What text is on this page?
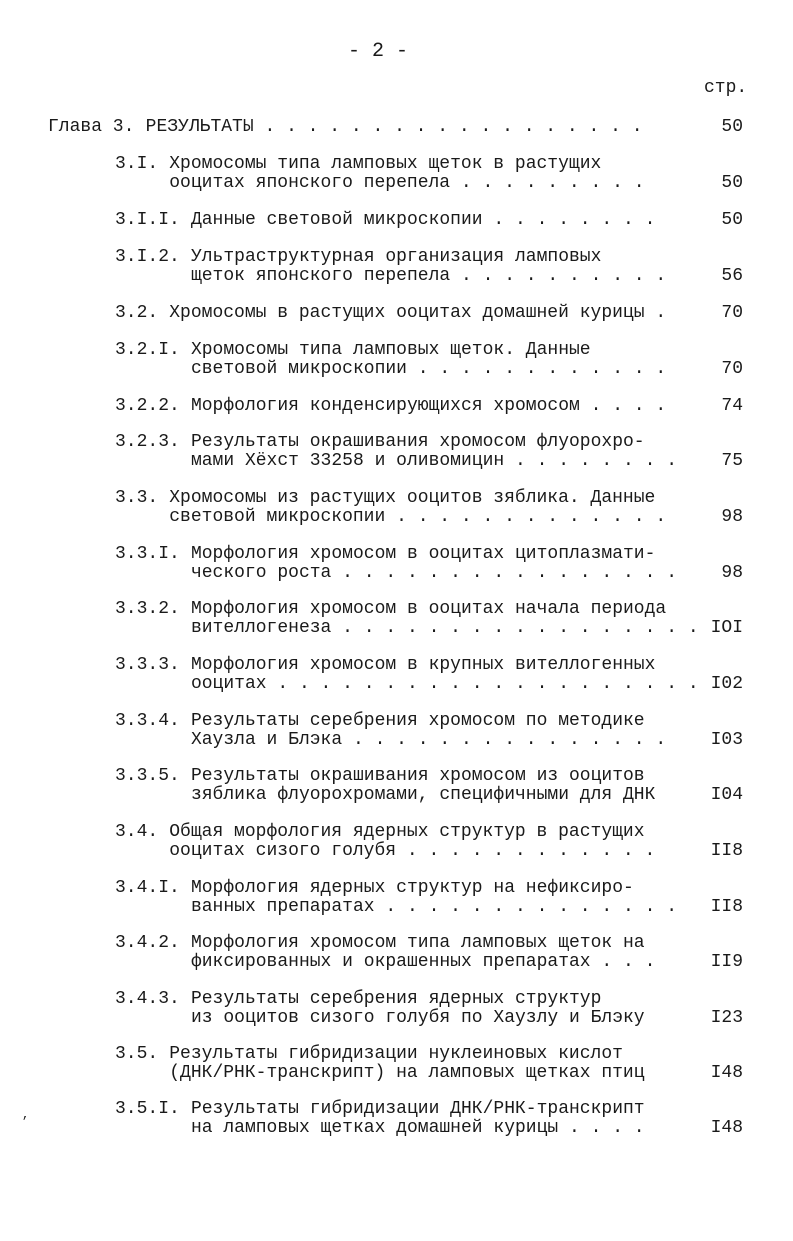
- 2 -
стр.
Глава 3. РЕЗУЛЬТАТЫ . . . . . . . . . . . . . . . . . .	50
3.I. Хромосомы типа ламповых щеток в растущих
ооцитах японского перепела . . . . . . . . .	50
3.I.I. Данные световой микроскопии . . . . . . . .	50
3.I.2. Ультраструктурная организация ламповых
щеток японского перепела . . . . . . . . . .	56
3.2. Хромосомы в растущих ооцитах домашней курицы .	70
3.2.I. Хромосомы типа ламповых щеток. Данные
световой микроскопии . . . . . . . . . . . .	70
3.2.2. Морфология конденсирующихся хромосом . . . .	74
3.2.3. Результаты окрашивания хромосом флуорохро-
мами Хёхст 33258 и оливомицин . . . . . . . . 75
3.3. Хромосомы из растущих ооцитов зяблика. Данные
световой микроскопии . . . . . . . . . . . . .	98
3.3.I. Морфология хромосом в ооцитах цитоплазмати-
ческого роста . . . . . . . . . . . . . . . . 98
3.3.2. Морфология хромосом в ооцитах начала периода
вителлогенеза . . . . . . . . . . . . . . . . . IOI
3.3.3. Морфология хромосом в крупных вителлогенных
ооцитах . . . . . . . . . . . . . . . . . . . . I02
3.3.4. Результаты серебрения хромосом по методике
Хаузла и Блэка . . . . . . . . . . . . . . . I03
3.3.5. Результаты окрашивания хромосом из ооцитов
зяблика флуорохромами, специфичными для ДНК	I04
3.4. Общая морфология ядерных структур в растущих
ооцитах сизого голубя . . . . . . . . . . . .	II8
3.4.I. Морфология ядерных структур на нефиксиро-
ванных препаратах . . . . . . . . . . . . . . II8
3.4.2. Морфология хромосом типа ламповых щеток на
фиксированных и окрашенных препаратах . . .	II9
3.4.3. Результаты серебрения ядерных структур
из ооцитов сизого голубя по Хаузлу и Блэку	I23
3.5. Результаты гибридизации нуклеиновых кислот
(ДНК/РНК-транскрипт) на ламповых щетках птиц	I48
3.5.I. Результаты гибридизации ДНК/РНК-транскрипт
на ламповых щетках домашней курицы . . . .	I48
,
